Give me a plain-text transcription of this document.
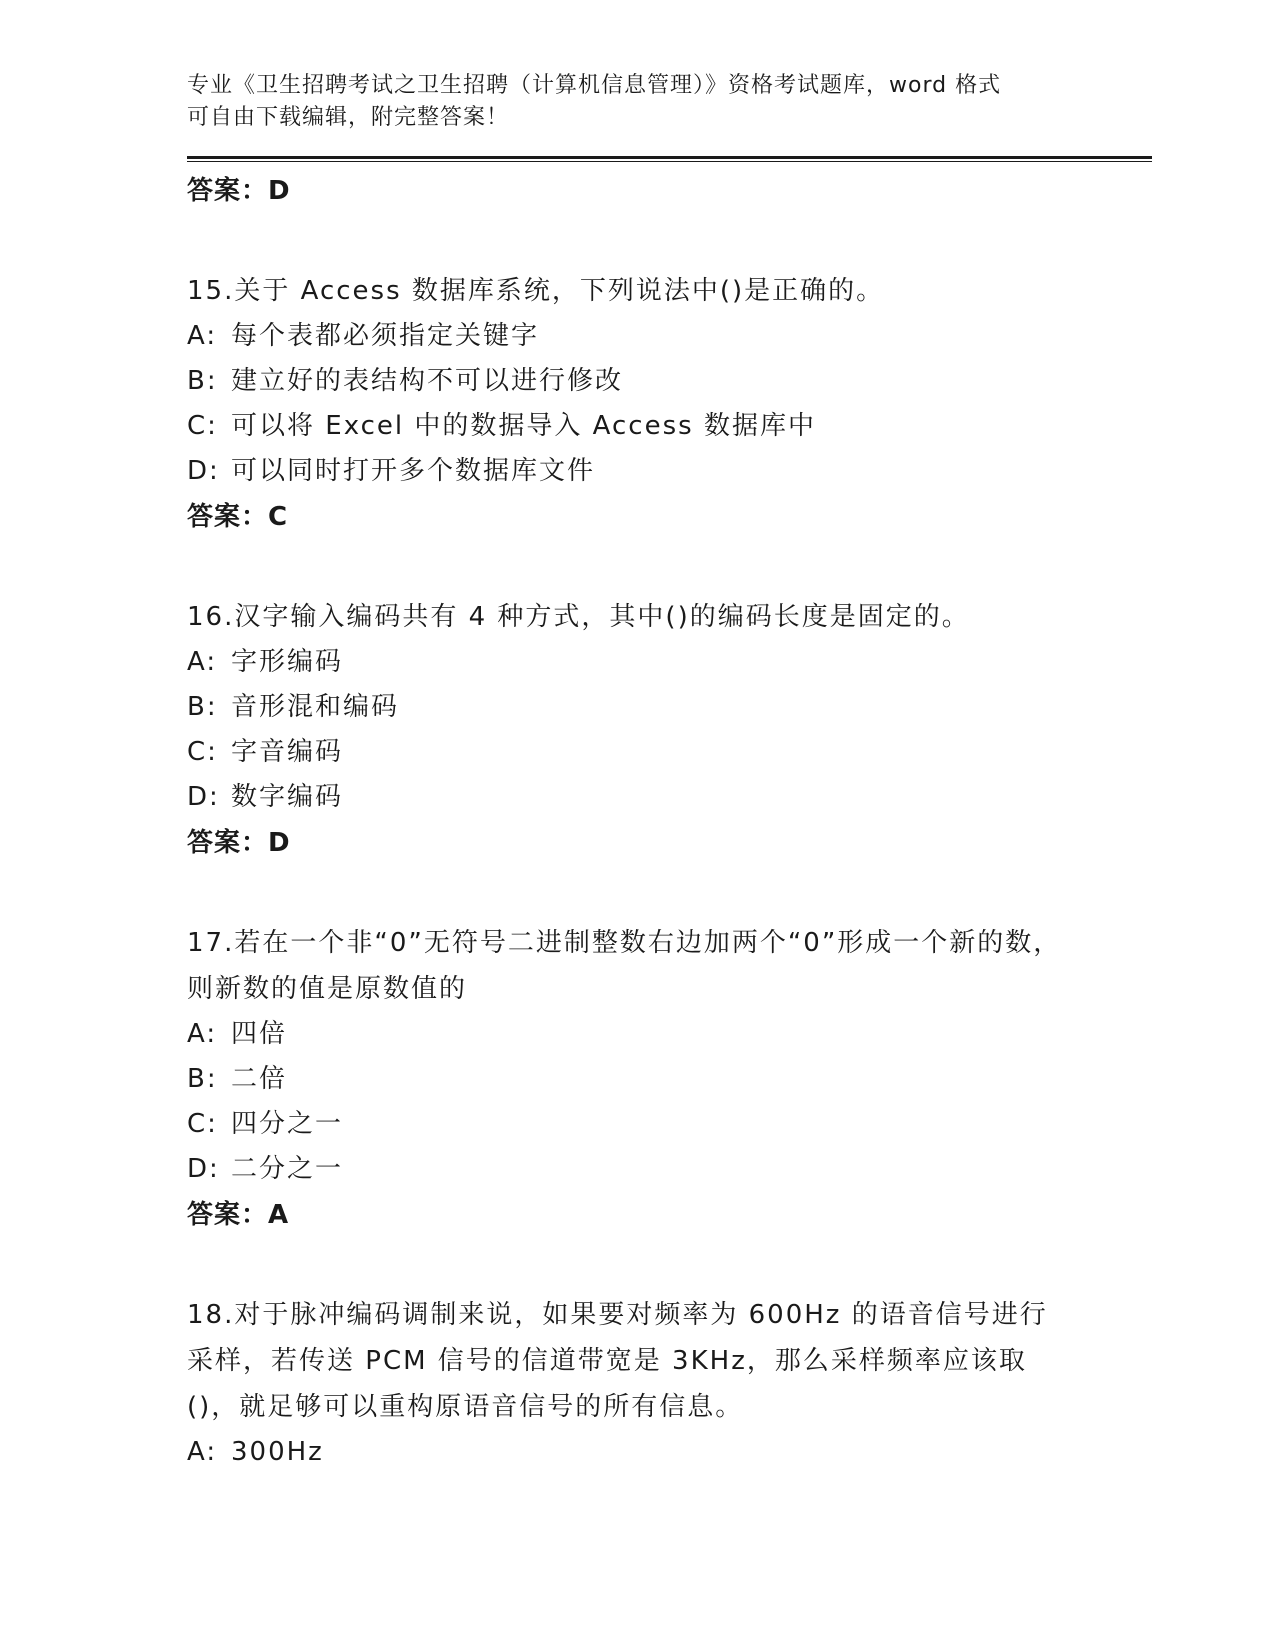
专业《卫生招聘考试之卫生招聘（计算机信息管理）》资格考试题库，word 格式
可自由下载编辑，附完整答案！
答案：D
15.关于 Access 数据库系统，下列说法中()是正确的。
A: 每个表都必须指定关键字
B: 建立好的表结构不可以进行修改
C: 可以将 Excel 中的数据导入 Access 数据库中
D: 可以同时打开多个数据库文件
答案：C
16.汉字输入编码共有 4 种方式，其中()的编码长度是固定的。
A: 字形编码
B: 音形混和编码
C: 字音编码
D: 数字编码
答案：D
17.若在一个非“0”无符号二进制整数右边加两个“0”形成一个新的数，则新数的值是原数值的
A: 四倍
B: 二倍
C: 四分之一
D: 二分之一
答案：A
18.对于脉冲编码调制来说，如果要对频率为 600Hz 的语音信号进行采样，若传送 PCM 信号的信道带宽是 3KHz，那么采样频率应该取()，就足够可以重构原语音信号的所有信息。
A: 300Hz
